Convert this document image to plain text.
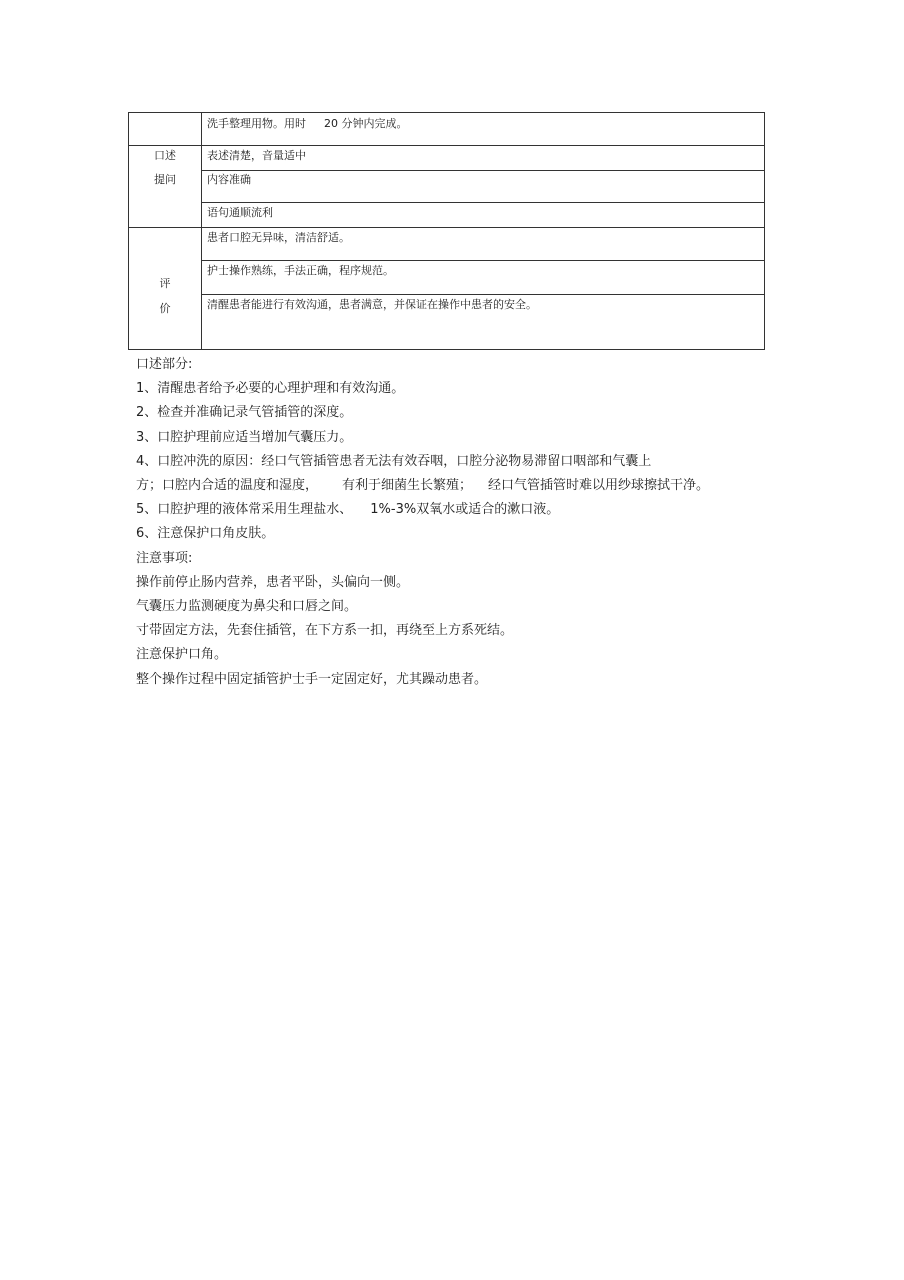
口述
提问
评
价
洗手整理用物。用时 20 分钟内完成。
表述清楚，音量适中
内容准确
语句通顺流利
患者口腔无异味，清洁舒适。
护士操作熟练，手法正确，程序规范。
清醒患者能进行有效沟通，患者满意，并保证在操作中患者的安全。
口述部分:
1、清醒患者给予必要的心理护理和有效沟通。
2、检查并准确记录气管插管的深度。
3、口腔护理前应适当增加气囊压力。
4、口腔冲洗的原因：经口气管插管患者无法有效吞咽，口腔分泌物易滞留口咽部和气囊上
方；口腔内合适的温度和湿度， 有利于细菌生长繁殖； 经口气管插管时难以用纱球擦拭干净。
5、口腔护理的液体常采用生理盐水、 1%-3%双氧水或适合的漱口液。
6、注意保护口角皮肤。
注意事项:
操作前停止肠内营养，患者平卧，头偏向一侧。
气囊压力监测硬度为鼻尖和口唇之间。
寸带固定方法，先套住插管，在下方系一扣，再绕至上方系死结。
注意保护口角。
整个操作过程中固定插管护士手一定固定好，尤其躁动患者。
